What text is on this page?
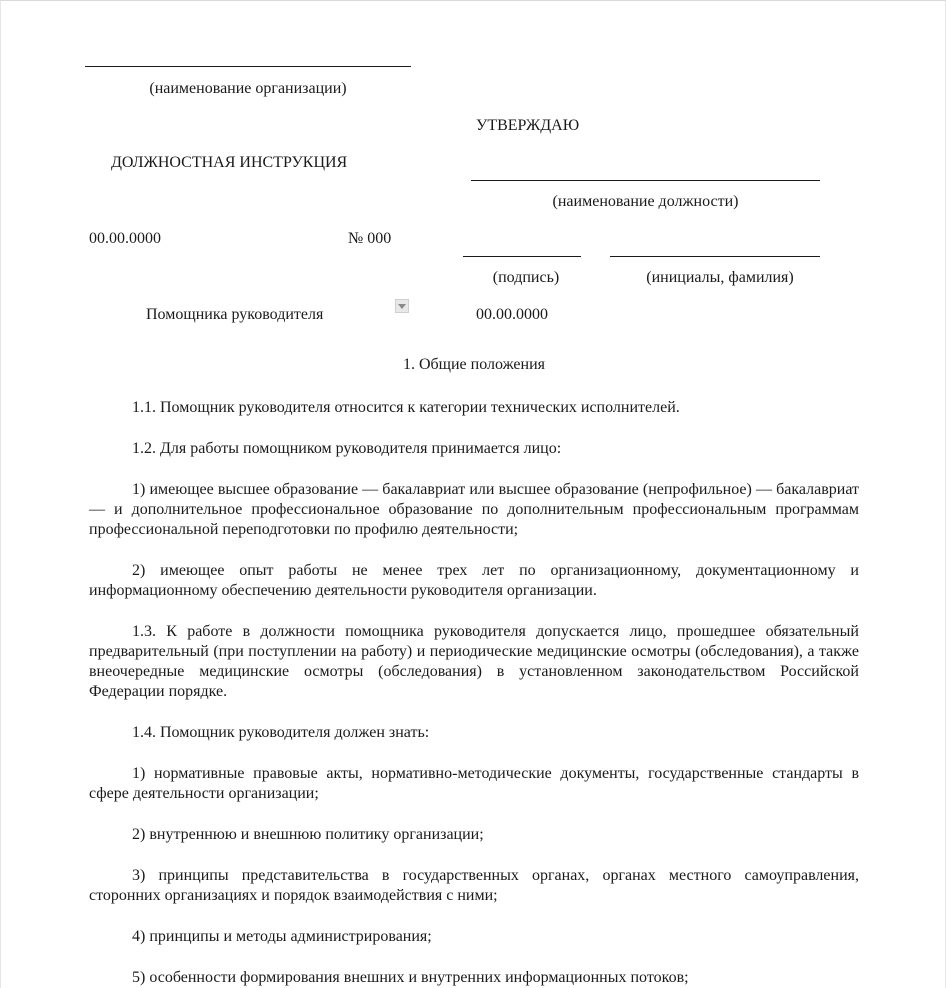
(наименование организации)
УТВЕРЖДАЮ
ДОЛЖНОСТНАЯ ИНСТРУКЦИЯ
(наименование должности)
00.00.0000	№ 000
(подпись)	(инициалы, фамилия)
Помощника руководителя	00.00.0000
1. Общие положения

1.1. Помощник руководителя относится к категории технических исполнителей.

1.2. Для работы помощником руководителя принимается лицо:

1) имеющее высшее образование — бакалавриат или высшее образование (непрофильное) — бакалавриат — и дополнительное профессиональное образование по дополнительным профессиональным программам профессиональной переподготовки по профилю деятельности;

2) имеющее опыт работы не менее трех лет по организационному, документационному и информационному обеспечению деятельности руководителя организации.

1.3. К работе в должности помощника руководителя допускается лицо, прошедшее обязательный предварительный (при поступлении на работу) и периодические медицинские осмотры (обследования), а также внеочередные медицинские осмотры (обследования) в установленном законодательством Российской Федерации порядке.

1.4. Помощник руководителя должен знать:

1) нормативные правовые акты, нормативно-методические документы, государственные стандарты в сфере деятельности организации;

2) внутреннюю и внешнюю политику организации;

3) принципы представительства в государственных органах, органах местного самоуправления, сторонних организациях и порядок взаимодействия с ними;

4) принципы и методы администрирования;

5) особенности формирования внешних и внутренних информационных потоков;
